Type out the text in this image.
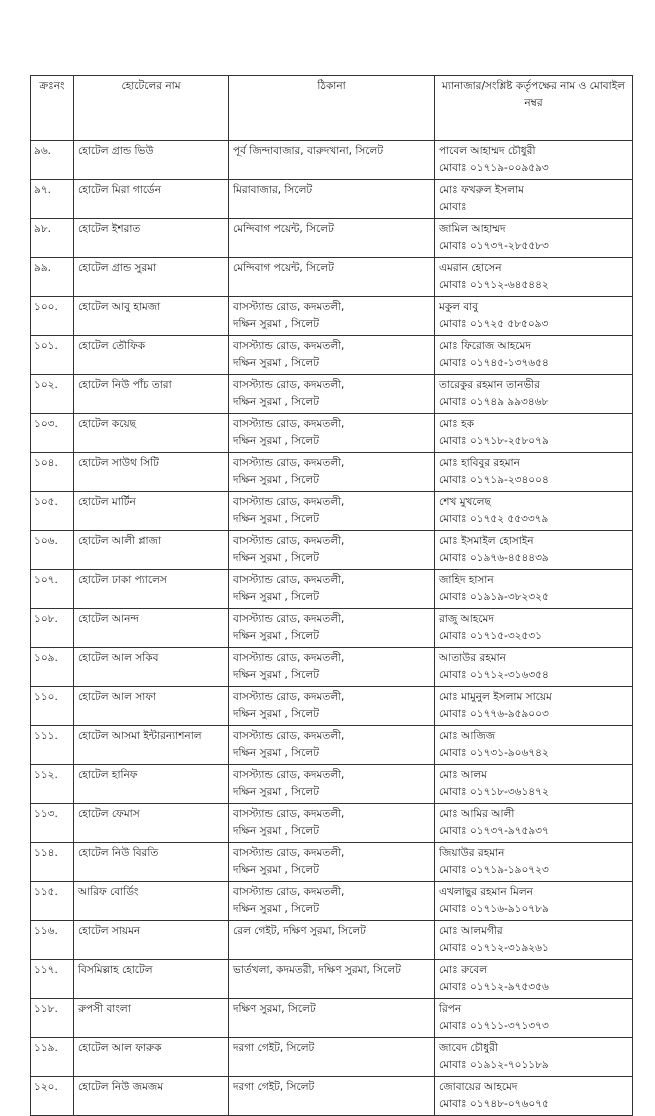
ক্রঃনং	হোটেলের নাম	ঠিকানা	ম্যানাজার/সংশ্লিষ্ট কর্তৃপক্ষের নাম ও মোবাইল নম্বর
৯৬.	হোটেল গ্রান্ড ভিউ	পূর্ব জিন্দাবাজার, বারুদখানা, সিলেট	পাবেল আহাম্মদ চৌধুরী
মোবাঃ ০১৭১৯-০০৯৫৯৩

৯৭.	হোটেল মিরা গার্ডেন	মিরাবাজার, সিলেট	মোঃ ফখরুল ইসলাম
মোবাঃ

৯৮.	হোটেল ইশরাত	মেন্দিবাগ পয়েন্ট, সিলেট	জামিল আহাম্মদ
মোবাঃ ০১৭৩৭-২৮৫৫৮৩

৯৯.	হোটেল গ্রান্ড সুরমা	মেন্দিবাগ পয়েন্ট, সিলেট	এমরান হোসেন
মোবাঃ ০১৭১২-৬৪৫৪৪২

১০০.	হোটেল আবু হামজা	বাসস্ট্যান্ড রোড, কদমতলী,
দক্ষিন সুরমা , সিলেট	মকুল বাবু
মোবাঃ ০১৭২৫ ৫৮৫০৯৩

১০১.	হোটেল তৌফিক	বাসস্ট্যান্ড রোড, কদমতলী,
দক্ষিন সুরমা , সিলেট	মোঃ ফিরোজ আহমেদ
মোবাঃ ০১৭৪৫-১৩৭৬৫৪

১০২.	হোটেল নিউ পাঁচ তারা	বাসস্ট্যান্ড রোড, কদমতলী,
দক্ষিন সুরমা , সিলেট	তারেকুর রহমান তানভীর
মোবাঃ ০১৭৪৯ ৯৯৩৪৬৮

১০৩.	হোটেল কয়েছ	বাসস্ট্যান্ড রোড, কদমতলী,
দক্ষিন সুরমা , সিলেট	মোঃ হক
মোবাঃ ০১৭১৮-২৫৮০৭৯

১০৪.	হোটেল সাউথ সিটি	বাসস্ট্যান্ড রোড, কদমতলী,
দক্ষিন সুরমা , সিলেট	মোঃ হাবিবুর রহমান
মোবাঃ ০১৭১৯-২৩৪০০৪

১০৫.	হোটেল মার্টিন	বাসস্ট্যান্ড রোড, কদমতলী,
দক্ষিন সুরমা , সিলেট	শেখ মুখলেছ
মোবাঃ ০১৭৫২ ৫৫৩৩৭৯

১০৬.	হোটেল আলী প্লাজা	বাসস্ট্যান্ড রোড, কদমতলী,
দক্ষিন সুরমা , সিলেট	মোঃ ইসমাইল হোসাইন
মোবাঃ ০১৯৭৬-৪৫৪৪৩৯

১০৭.	হোটেল ঢাকা প্যালেস	বাসস্ট্যান্ড রোড, কদমতলী,
দক্ষিন সুরমা , সিলেট	জাহিদ হাসান
মোবাঃ ০১৯১৯-৩৮২৩২৫

১০৮.	হোটেল আনন্দ	বাসস্ট্যান্ড রোড, কদমতলী,
দক্ষিন সুরমা , সিলেট	রাজু আহমেদ
মোবাঃ ০১৭১৫-৩২৫৩১

১০৯.	হোটেল আল সকিব	বাসস্ট্যান্ড রোড, কদমতলী,
দক্ষিন সুরমা , সিলেট	আতাউর রহমান
মোবাঃ ০১৭১২-৩১৬৩৫৪

১১০.	হোটেল আল সাফা	বাসস্ট্যান্ড রোড, কদমতলী,
দক্ষিন সুরমা , সিলেট	মোঃ মামুনুল ইসলাম সায়েম
মোবাঃ ০১৭৭৬-৯৫৯০০৩

১১১.	হোটেল আসমা ইন্টারন্যাশনাল	বাসস্ট্যান্ড রোড, কদমতলী,
দক্ষিন সুরমা , সিলেট	মোঃ আজিজ
মোবাঃ ০১৭৩১-৯০৬৭৪২

১১২.	হোটেল হানিফ	বাসস্ট্যান্ড রোড, কদমতলী,
দক্ষিন সুরমা , সিলেট	মোঃ আলম
মোবাঃ ০১৭১৮-৩৬১৪৭২

১১৩.	হোটেল ফেমাস	বাসস্ট্যান্ড রোড, কদমতলী,
দক্ষিন সুরমা , সিলেট	মোঃ আমির আলী
মোবাঃ ০১৭৩৭-৯৭৫৯৩৭

১১৪.	হোটেল নিউ বিরতি	বাসস্ট্যান্ড রোড, কদমতলী,
দক্ষিন সুরমা , সিলেট	জিয়াউর রহমান
মোবাঃ ০১৭১৯-১৯০৭২৩

১১৫.	আরিফ বোর্ডিং	বাসস্ট্যান্ড রোড, কদমতলী,
দক্ষিন সুরমা , সিলেট	এখলাছুর রহমান মিলন
মোবাঃ ০১৭১৬-৯১০৭৮৯

১১৬.	হোটেল সায়মন	রেল গেইট, দক্ষিণ সুরমা, সিলেট	মোঃ আলমগীর
মোবাঃ ০১৭১২-৩১৯২৬১

১১৭.	বিসমিল্লাহ হোটেল	ভার্তখলা, কদমতরী, দক্ষিণ সুরমা, সিলেট	মোঃ রুবেল
মোবাঃ ০১৭১২-৯৭৫৩৫৬

১১৮.	রুপসী বাংলা	দক্ষিণ সুরমা, সিলেট	রিপন
মোবাঃ ০১৭১১-৩৭১৩৭৩

১১৯.	হোটেল আল ফারুক	দরগা গেইট, সিলেট	জাবেদ চৌধুরী
মোবাঃ ০১৯১২-৭০১১৮৯

১২০.	হোটেল নিউ জমজম	দরগা গেইট, সিলেট	জোবায়ের আহমেদ
মোবাঃ ০১৭৪৮-০৭৬০৭৫
